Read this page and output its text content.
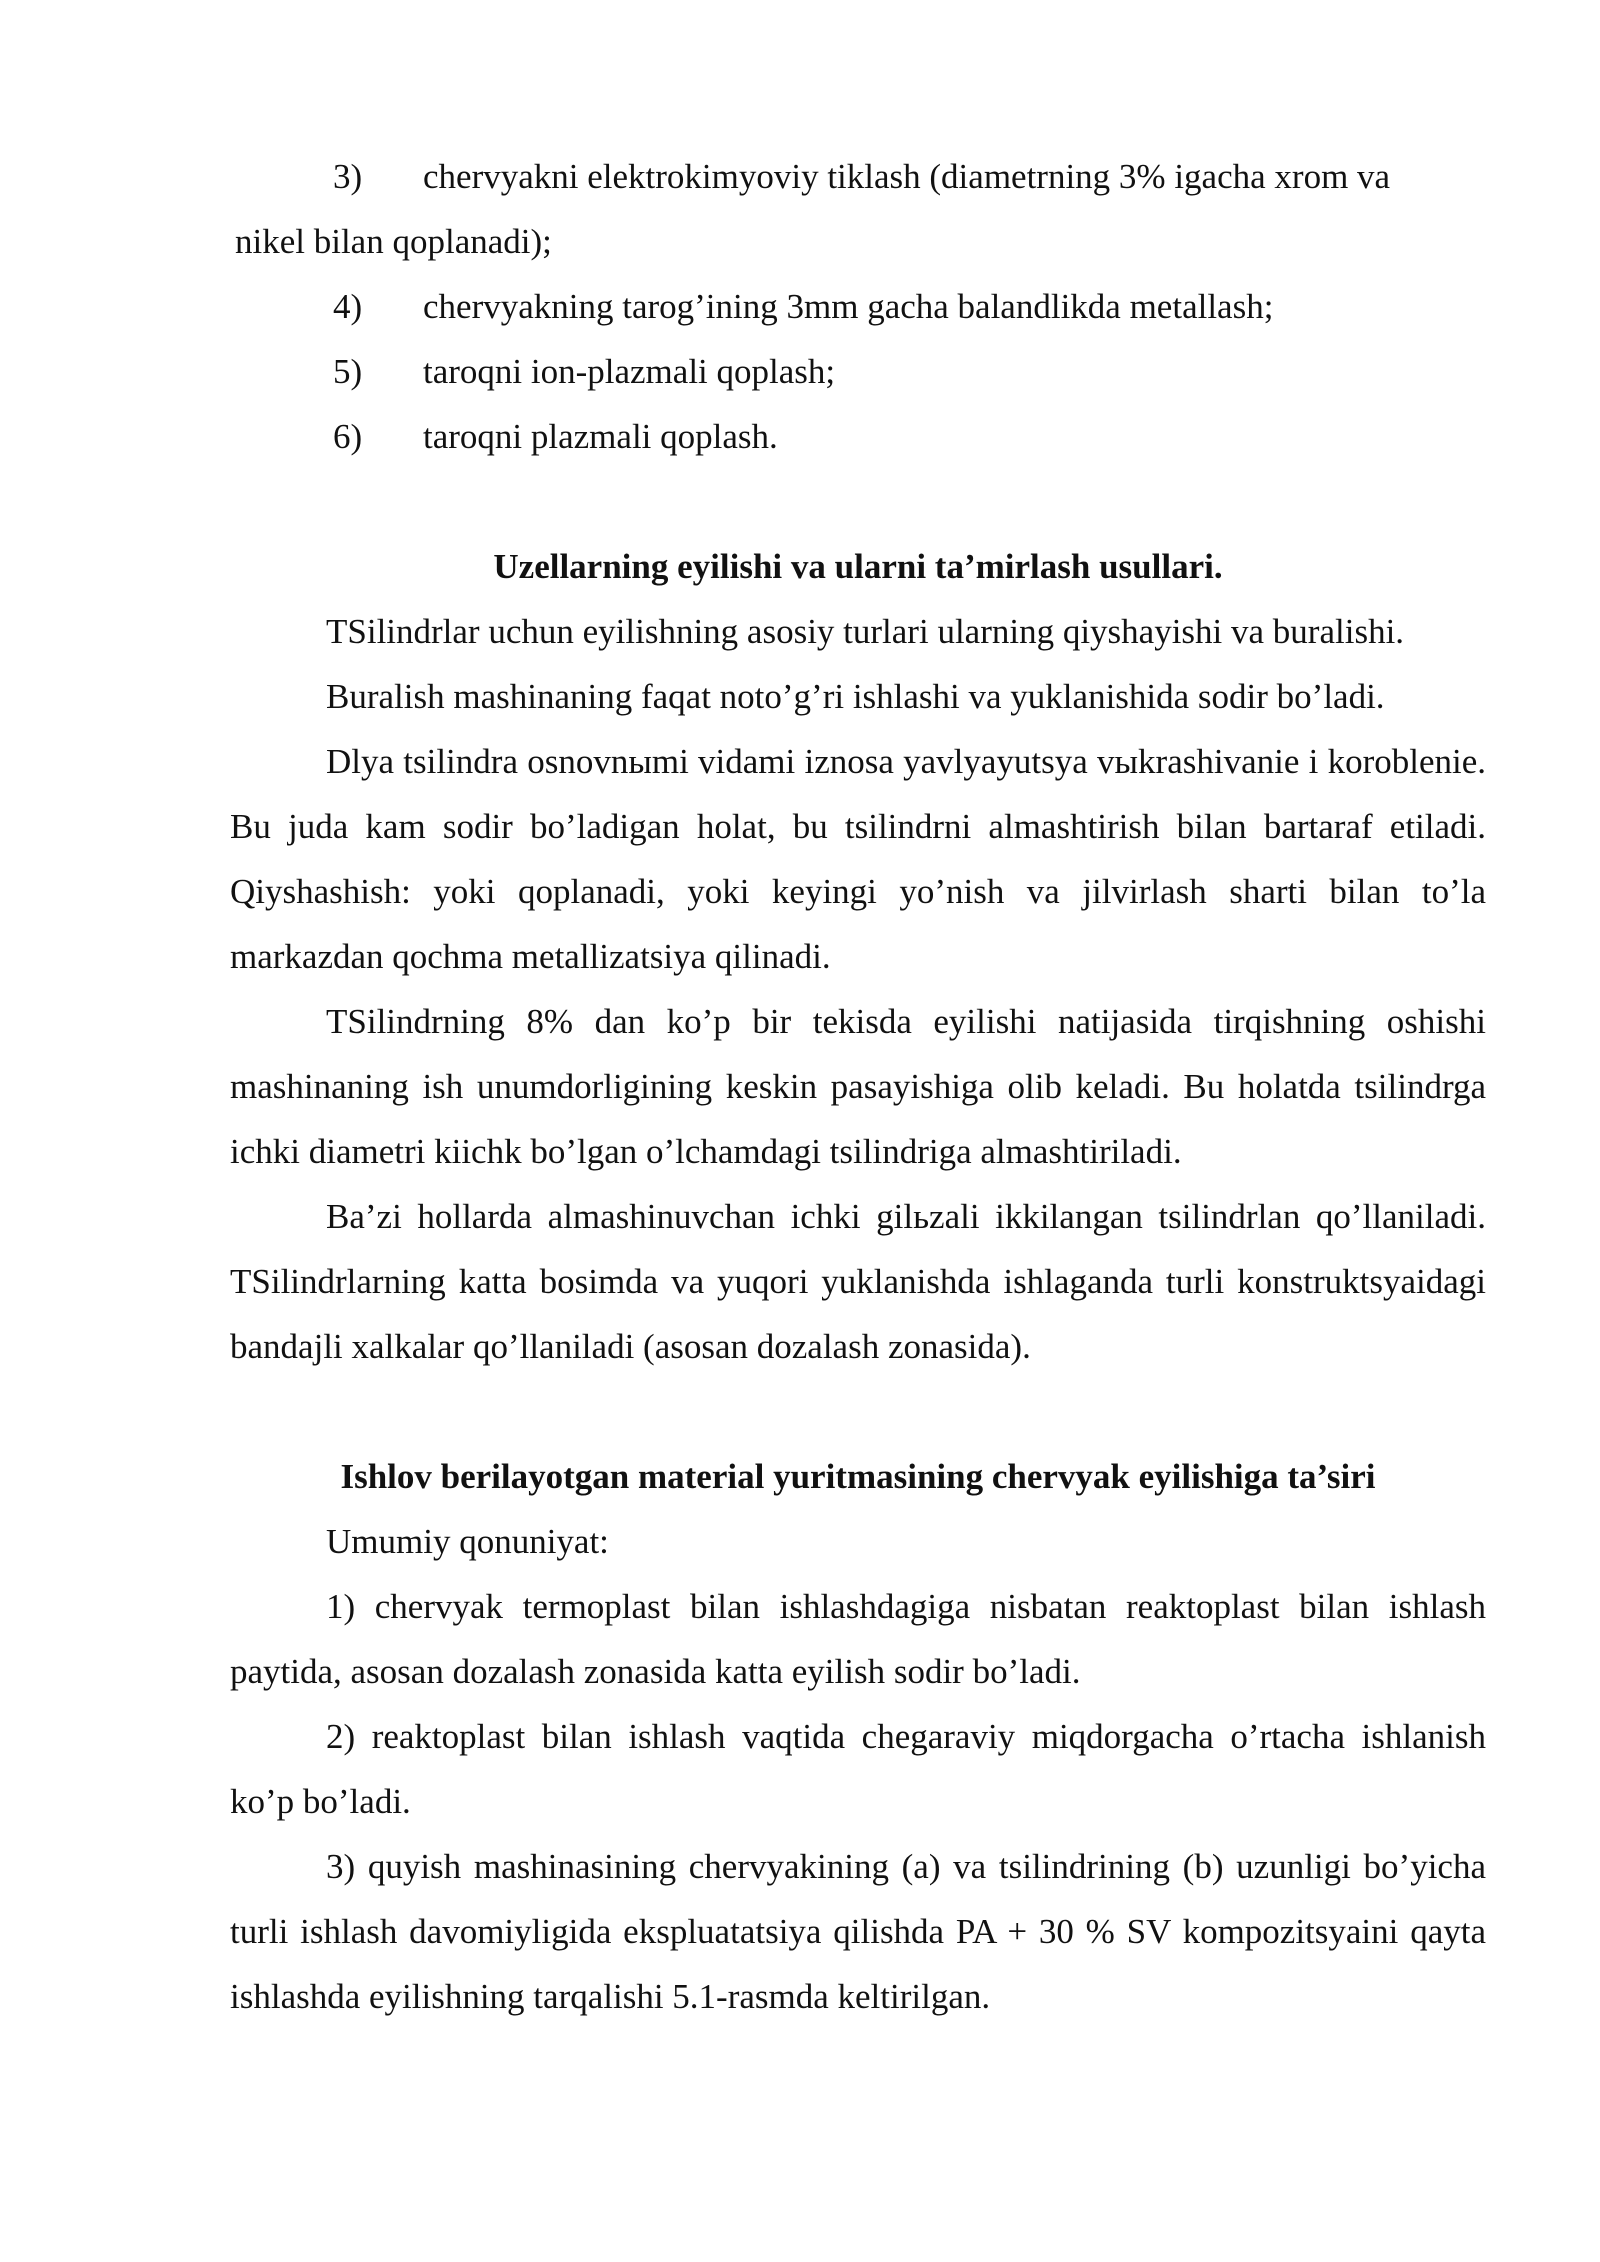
3) chervyakni elektrokimyoviy tiklash (diametrning 3% igacha xrom va
nikel bilan qoplanadi);
4) chervyakning tarog’ining 3mm gacha balandlikda metallash;
5) taroqni ion-plazmali qoplash;
6) taroqni plazmali qoplash.
Uzellarning eyilishi va ularni ta’mirlash usullari.

TSilindrlar uchun eyilishning asosiy turlari ularning qiyshayishi va buralishi.

Buralish mashinaning faqat noto’g’ri ishlashi va yuklanishida sodir bo’ladi.

Dlya tsilindra osnovnыmi vidami iznosa yavlyayutsya vыkrashivanie i koroblenie. Bu juda kam sodir bo’ladigan holat, bu tsilindrni almashtirish bilan bartaraf etiladi. Qiyshashish: yoki qoplanadi, yoki keyingi yo’nish va jilvirlash sharti bilan to’la markazdan qochma metallizatsiya qilinadi.

TSilindrning 8% dan ko’p bir tekisda eyilishi natijasida tirqishning oshishi mashinaning ish unumdorligining keskin pasayishiga olib keladi. Bu holatda tsilindrga ichki diametri kiichk bo’lgan o’lchamdagi tsilindriga almashtiriladi.

Ba’zi hollarda almashinuvchan ichki gilьzali ikkilangan tsilindrlan qo’llaniladi. TSilindrlarning katta bosimda va yuqori yuklanishda ishlaganda turli konstruktsyaidagi bandajli xalkalar qo’llaniladi (asosan dozalash zonasida).

Ishlov berilayotgan material yuritmasining chervyak eyilishiga ta’siri

Umumiy qonuniyat:

1) chervyak termoplast bilan ishlashdagiga nisbatan reaktoplast bilan ishlash paytida, asosan dozalash zonasida katta eyilish sodir bo’ladi.

2) reaktoplast bilan ishlash vaqtida chegaraviy miqdorgacha o’rtacha ishlanish ko’p bo’ladi.

3) quyish mashinasining chervyakining (a) va tsilindrining (b) uzunligi bo’yicha turli ishlash davomiyligida ekspluatatsiya qilishda PA + 30 % SV kompozitsyaini qayta ishlashda eyilishning tarqalishi 5.1-rasmda keltirilgan.
